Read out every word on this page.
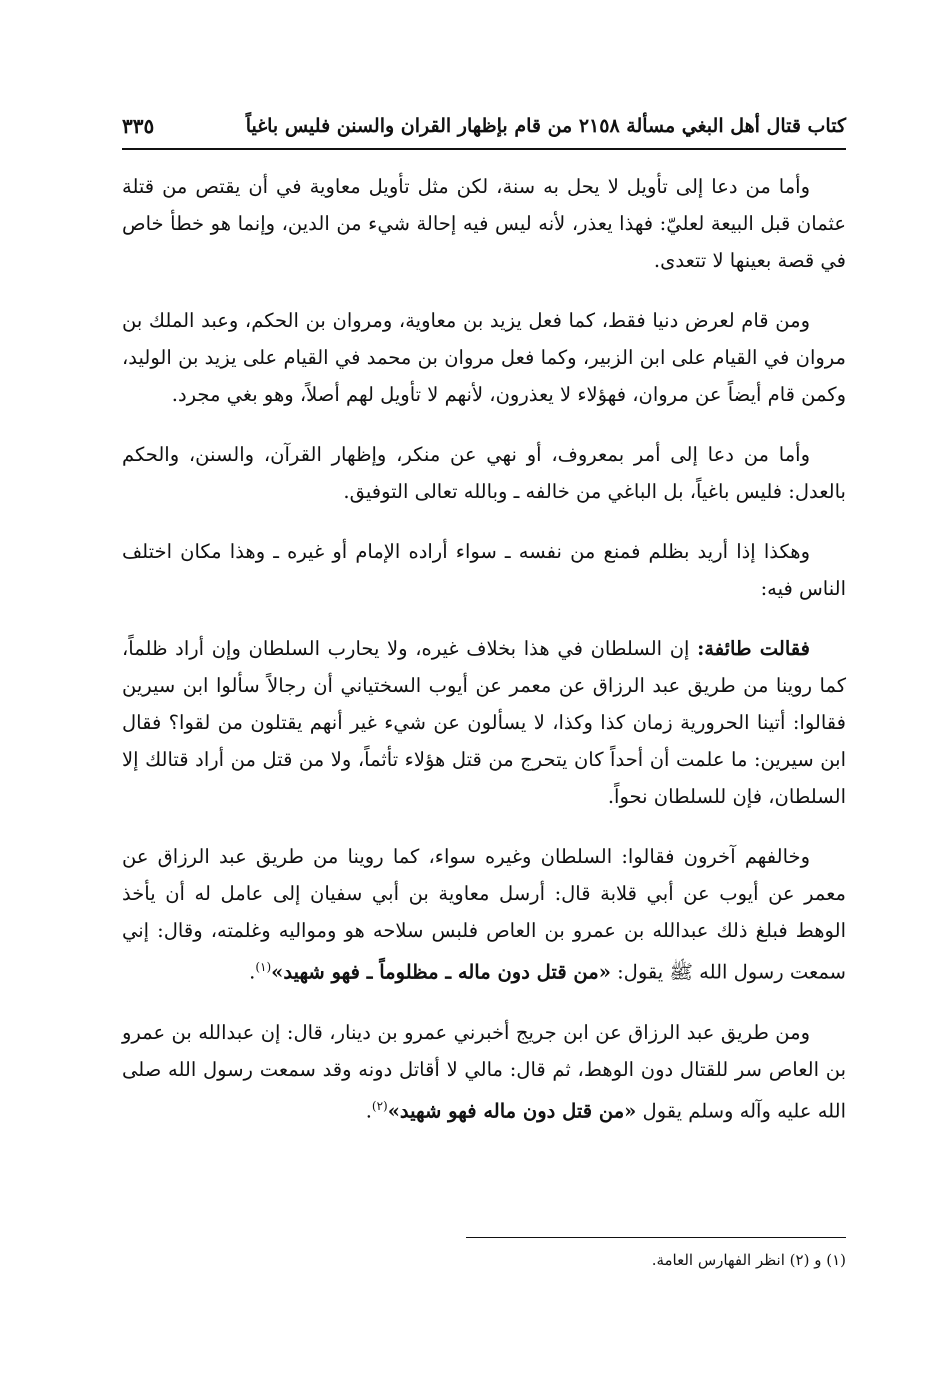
كتاب قتال أهل البغي مسألة ٢١٥٨ من قام بإظهار القران والسنن فليس باغياً
٣٣٥

وأما من دعا إلى تأويل لا يحل به سنة، لكن مثل تأويل معاوية في أن يقتص من قتلة عثمان قبل البيعة لعليّ: فهذا يعذر، لأنه ليس فيه إحالة شيء من الدين، وإنما هو خطأ خاص في قصة بعينها لا تتعدى.

ومن قام لعرض دنيا فقط، كما فعل يزيد بن معاوية، ومروان بن الحكم، وعبد الملك بن مروان في القيام على ابن الزبير، وكما فعل مروان بن محمد في القيام على يزيد بن الوليد، وكمن قام أيضاً عن مروان، فهؤلاء لا يعذرون، لأنهم لا تأويل لهم أصلاً، وهو بغي مجرد.

وأما من دعا إلى أمر بمعروف، أو نهي عن منكر، وإظهار القرآن، والسنن، والحكم بالعدل: فليس باغياً، بل الباغي من خالفه ـ وبالله تعالى التوفيق.

وهكذا إذا أريد بظلم فمنع من نفسه ـ سواء أراده الإمام أو غيره ـ وهذا مكان اختلف الناس فيه:

فقالت طائفة: إن السلطان في هذا بخلاف غيره، ولا يحارب السلطان وإن أراد ظلماً، كما روينا من طريق عبد الرزاق عن معمر عن أيوب السختياني أن رجالاً سألوا ابن سيرين فقالوا: أتينا الحرورية زمان كذا وكذا، لا يسألون عن شيء غير أنهم يقتلون من لقوا؟ فقال ابن سيرين: ما علمت أن أحداً كان يتحرج من قتل هؤلاء تأثماً، ولا من قتل من أراد قتالك إلا السلطان، فإن للسلطان نحواً.

وخالفهم آخرون فقالوا: السلطان وغيره سواء، كما روينا من طريق عبد الرزاق عن معمر عن أيوب عن أبي قلابة قال: أرسل معاوية بن أبي سفيان إلى عامل له أن يأخذ الوهط فبلغ ذلك عبدالله بن عمرو بن العاص فلبس سلاحه هو ومواليه وغلمته، وقال: إني سمعت رسول الله ﷺ يقول: «من قتل دون ماله ـ مظلوماً ـ فهو شهيد»$^{(١)}$.

ومن طريق عبد الرزاق عن ابن جريج أخبرني عمرو بن دينار، قال: إن عبدالله بن عمرو بن العاص سر للقتال دون الوهط، ثم قال: مالي لا أقاتل دونه وقد سمعت رسول الله صلى الله عليه وآله وسلم يقول «من قتل دون ماله فهو شهيد»$^{(٢)}$.

(١) و (٢) انظر الفهارس العامة.
